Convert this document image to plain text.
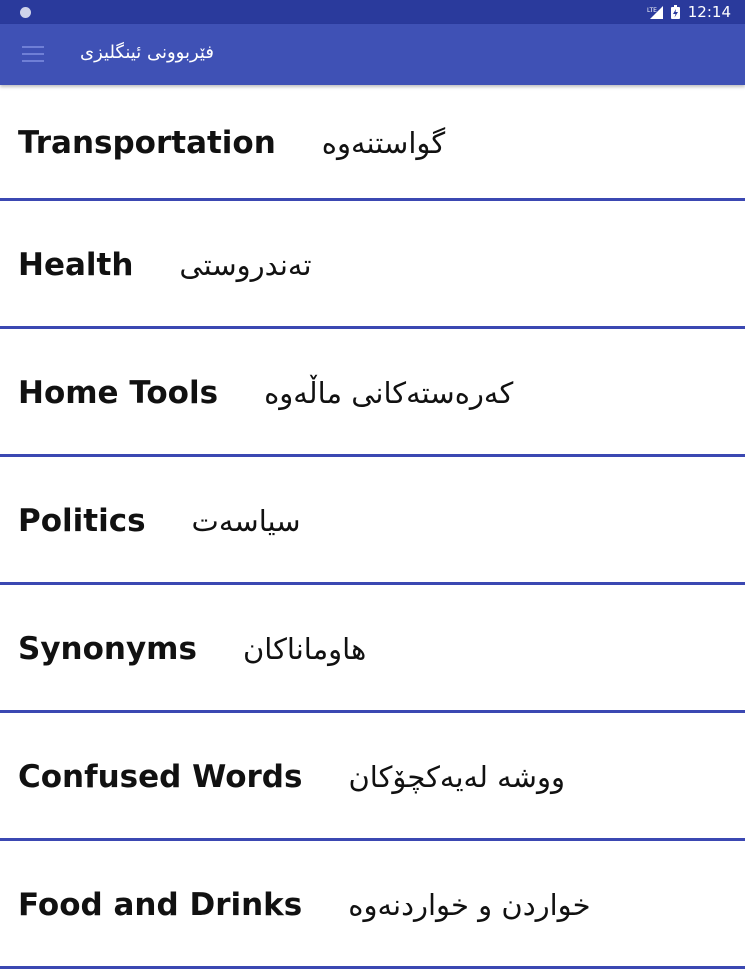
LTE 12:14
فێربوونی ئینگلیزی
Transportation گواستنەوە
Health تەندروستی
Home Tools کەرەستەکانی ماڵەوە
Politics سیاسەت
Synonyms هاوماناکان
Confused Words ووشە لەیەکچۆکان
Food and Drinks خواردن و خواردنەوە
